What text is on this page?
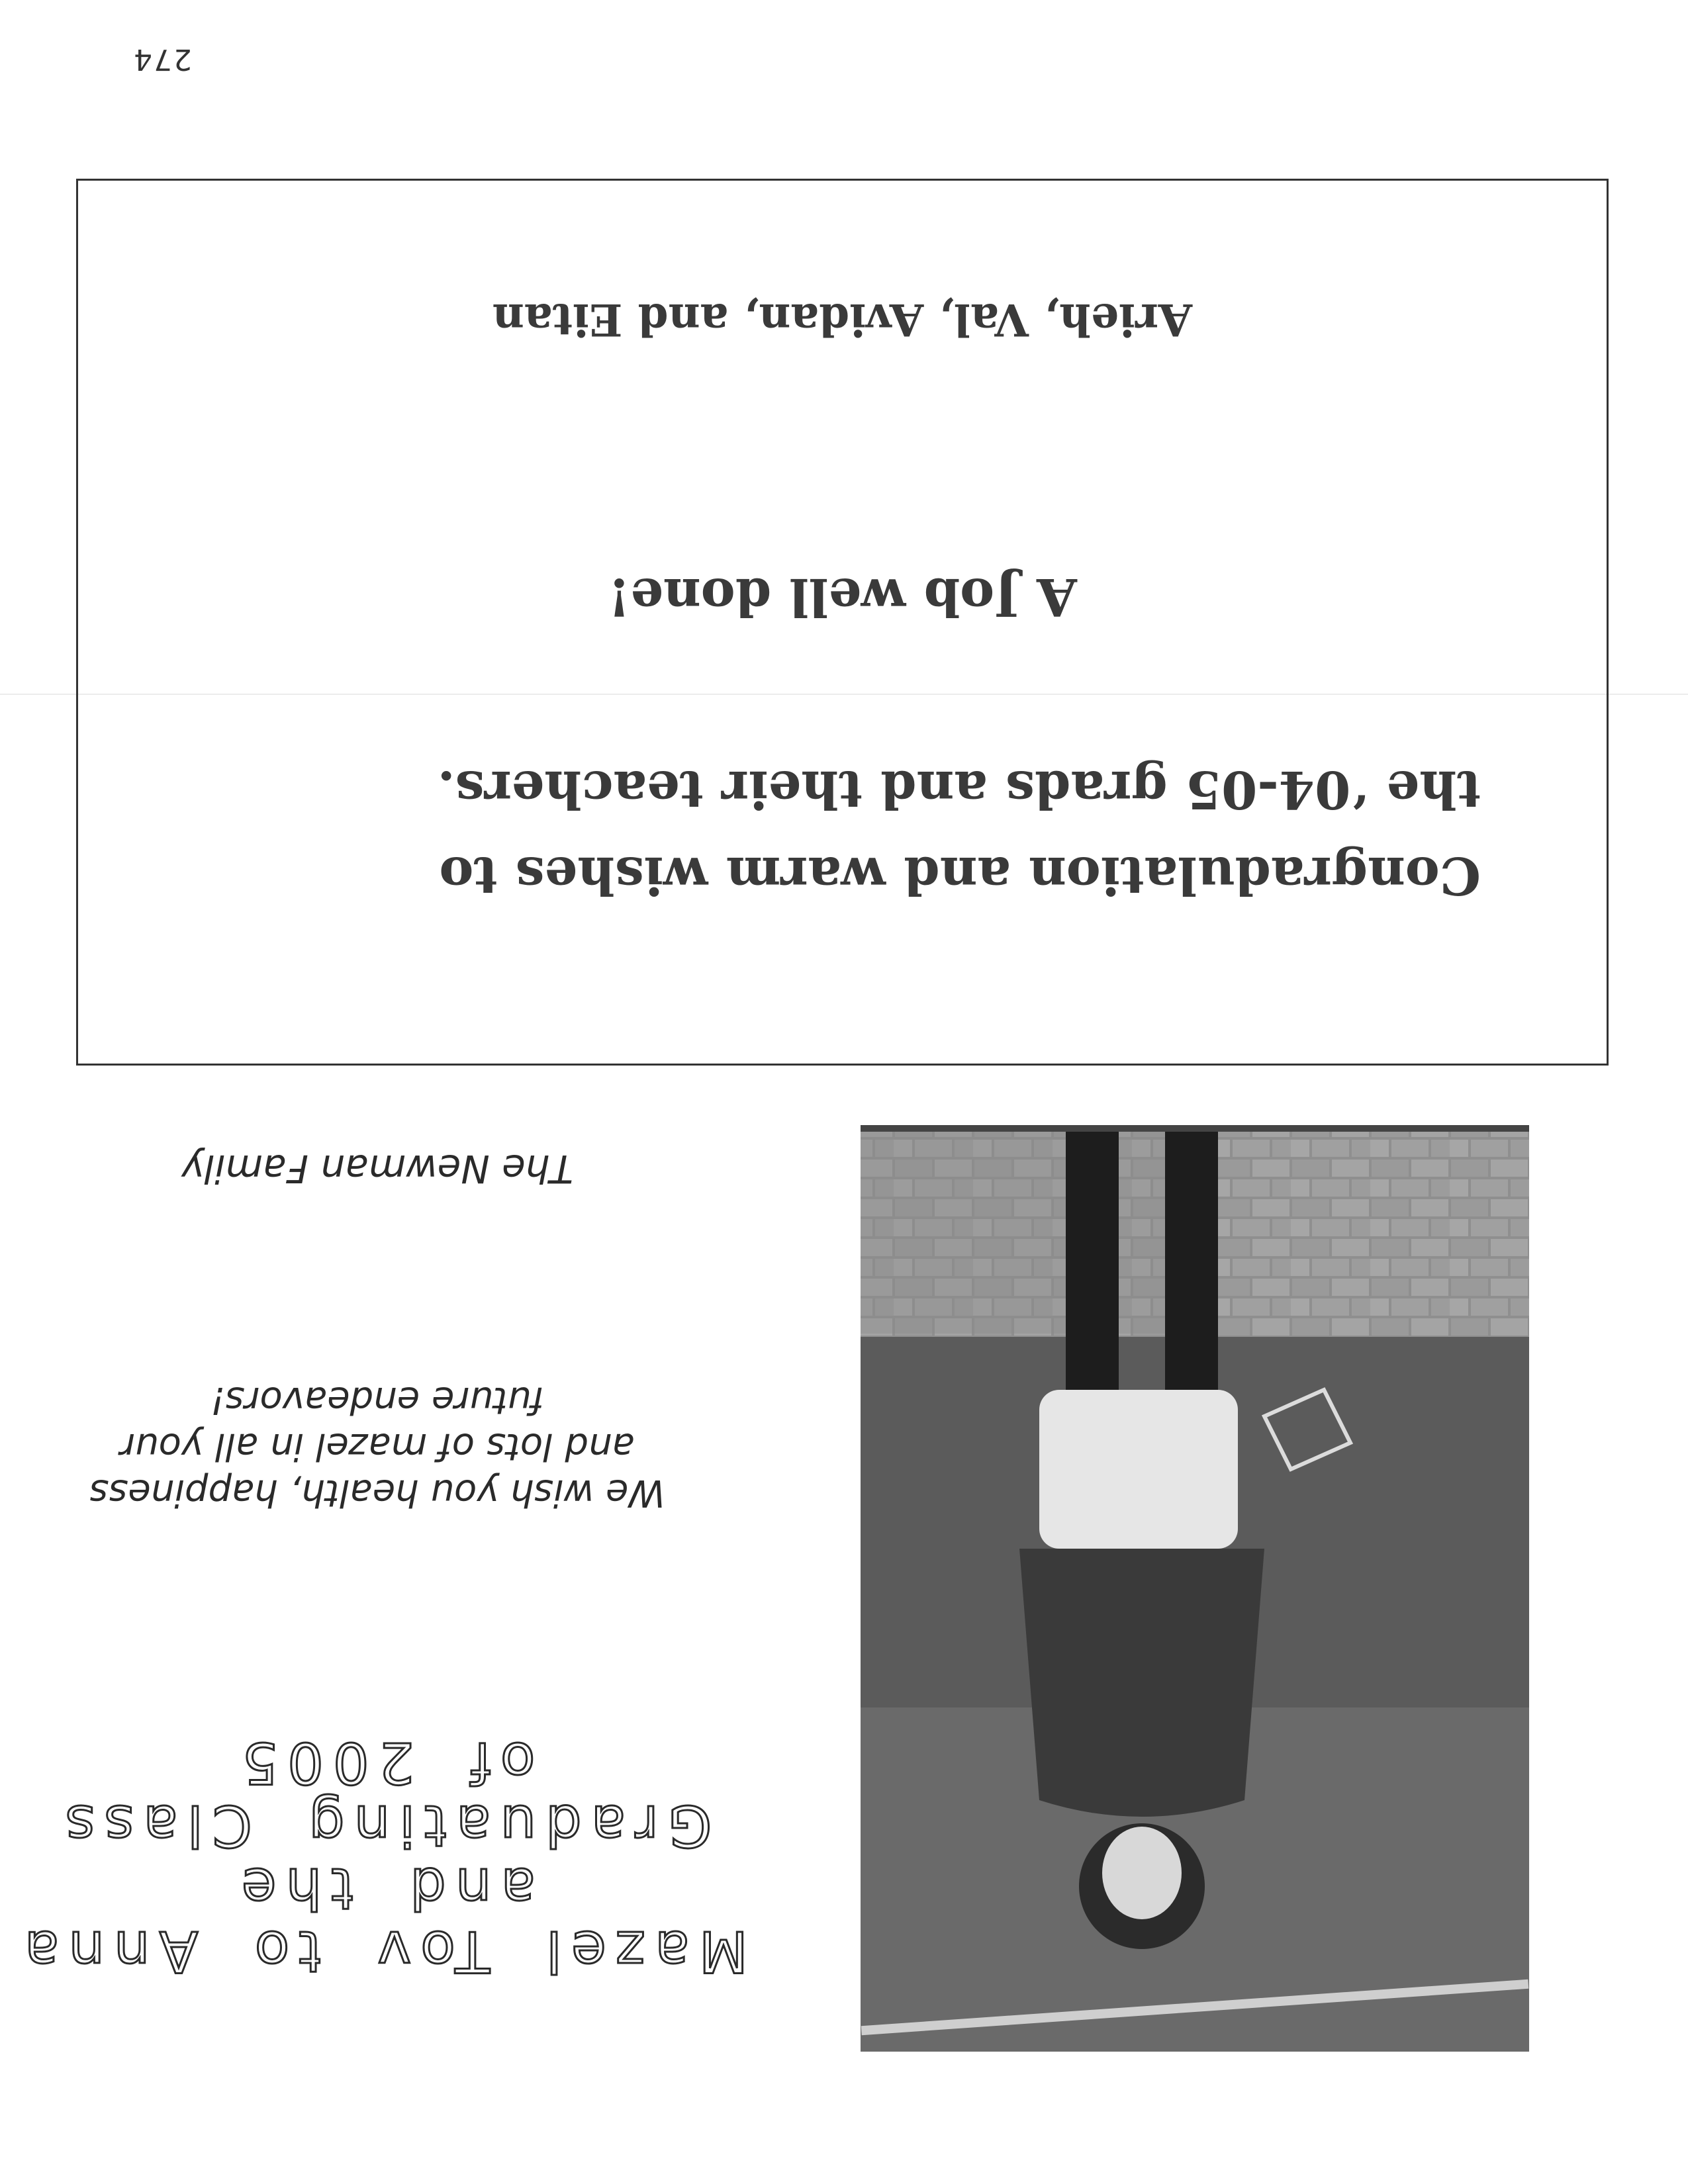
274
Congradulation and warm wishes to
the ‘04-05 grads and their teachers.
A Job well done!
Arieh, Val, Avidan, and Eitan
Mazel Tov to Anna
and the
Graduating Class
of 2005
We wish you health, happiness
and lots of mazel in all your
future endeavors!
The Newman Family
